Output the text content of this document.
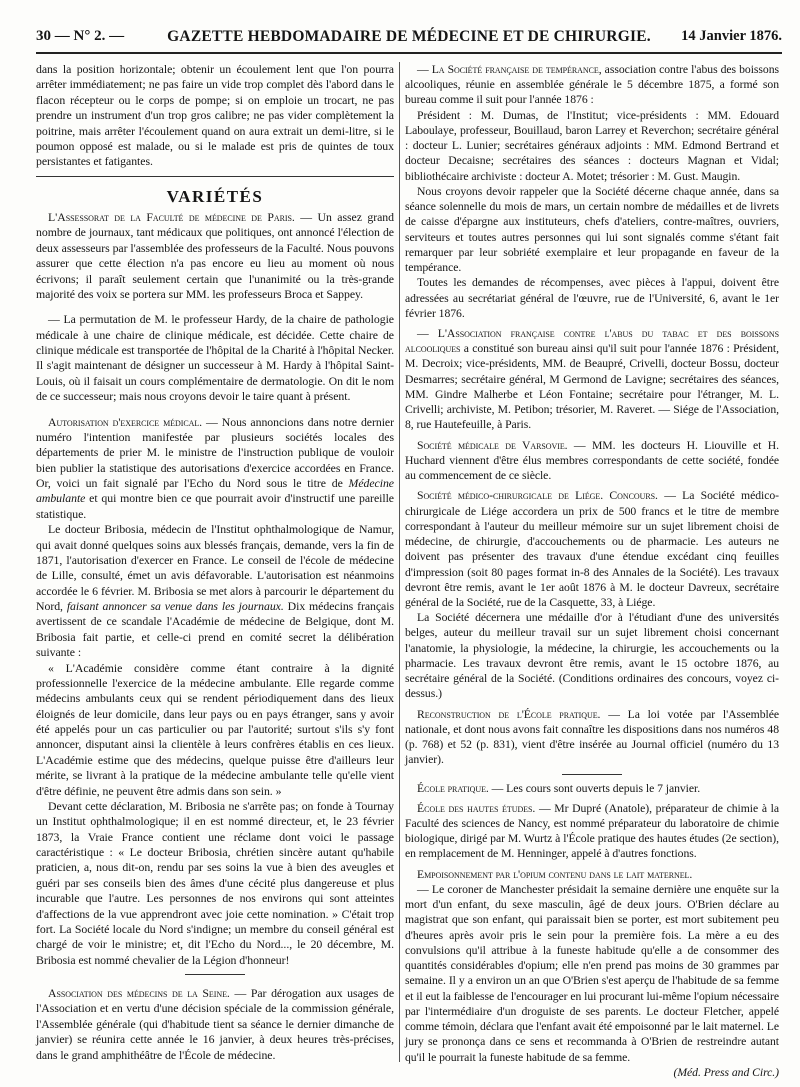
30 — N° 2. —	GAZETTE HEBDOMADAIRE DE MÉDECINE ET DE CHIRURGIE.	14 Janvier 1876.

dans la position horizontale; obtenir un écoulement lent que l'on pourra arrêter immédiatement; ne pas faire un vide trop complet dès l'abord dans le flacon récepteur ou le corps de pompe; si on emploie un trocart, ne pas prendre un instrument d'un trop gros calibre; ne pas vider complètement la poitrine, mais arrêter l'écoulement quand on aura extrait un demi-litre, si le poumon opposé est malade, ou si le malade est pris de quintes de toux persistantes et fatigantes.

VARIÉTÉS

L'Assessorat de la Faculté de médecine de Paris. — Un assez grand nombre de journaux, tant médicaux que politiques, ont annoncé l'élection de deux assesseurs par l'assemblée des professeurs de la Faculté. Nous pouvons assurer que cette élection n'a pas encore eu lieu au moment où nous écrivons; il paraît seulement certain que l'unanimité ou la très-grande majorité des voix se portera sur MM. les professeurs Broca et Sappey.

— La permutation de M. le professeur Hardy, de la chaire de pathologie médicale à une chaire de clinique médicale, est décidée. Cette chaire de clinique médicale est transportée de l'hôpital de la Charité à l'hôpital Necker. Il s'agit maintenant de désigner un successeur à M. Hardy à l'hôpital Saint-Louis, où il faisait un cours complémentaire de dermatologie. On dit le nom de ce successeur; mais nous croyons devoir le taire quant à présent.

Autorisation d'exercice médical. — Nous annoncions dans notre dernier numéro l'intention manifestée par plusieurs sociétés locales des départements de prier M. le ministre de l'instruction publique de vouloir bien publier la statistique des autorisations d'exercice accordées en France. Or, voici un fait signalé par l'Echo du Nord sous le titre de Médecine ambulante et qui montre bien ce que pourrait avoir d'instructif une pareille statistique.

Le docteur Bribosia, médecin de l'Institut ophthalmologique de Namur, qui avait donné quelques soins aux blessés français, demande, vers la fin de 1871, l'autorisation d'exercer en France. Le conseil de l'école de médecine de Lille, consulté, émet un avis défavorable. L'autorisation est néanmoins accordée le 6 février. M. Bribosia se met alors à parcourir le département du Nord, faisant annoncer sa venue dans les journaux. Dix médecins français avertissent de ce scandale l'Académie de médecine de Belgique, dont M. Bribosia fait partie, et celle-ci prend en comité secret la délibération suivante :

« L'Académie considère comme étant contraire à la dignité professionnelle l'exercice de la médecine ambulante. Elle regarde comme médecins ambulants ceux qui se rendent périodiquement dans des lieux éloignés de leur domicile, dans leur pays ou en pays étranger, sans y avoir été appelés pour un cas particulier ou par l'autorité; surtout s'ils s'y font annoncer, disputant ainsi la clientèle à leurs confrères établis en ces lieux. L'Académie estime que des médecins, quelque puisse être d'ailleurs leur mérite, se livrant à la pratique de la médecine ambulante telle qu'elle vient d'être définie, ne peuvent être admis dans son sein. »

Devant cette déclaration, M. Bribosia ne s'arrête pas; on fonde à Tournay un Institut ophthalmologique; il en est nommé directeur, et, le 23 février 1873, la Vraie France contient une réclame dont voici le passage caractéristique : « Le docteur Bribosia, chrétien sincère autant qu'habile praticien, a, nous dit-on, rendu par ses soins la vue à bien des aveugles et guéri par ses conseils bien des âmes d'une cécité plus dangereuse et plus incurable que l'autre. Les personnes de nos environs qui sont atteintes d'affections de la vue apprendront avec joie cette nomination. » C'était trop fort. La Société locale du Nord s'indigne; un membre du conseil général est chargé de voir le ministre; et, dit l'Echo du Nord..., le 20 décembre, M. Bribosia est nommé chevalier de la Légion d'honneur!

Association des médecins de la Seine. — Par dérogation aux usages de l'Association et en vertu d'une décision spéciale de la commission générale, l'Assemblée générale (qui d'habitude tient sa séance le dernier dimanche de janvier) se réunira cette année le 16 janvier, à deux heures très-précises, dans le grand amphithéâtre de l'École de médecine.

— La Société française de tempérance, association contre l'abus des boissons alcooliques, réunie en assemblée générale le 5 décembre 1875, a formé son bureau comme il suit pour l'année 1876 :

Président : M. Dumas, de l'Institut; vice-présidents : MM. Edouard Laboulaye, professeur, Bouillaud, baron Larrey et Reverchon; secrétaire général : docteur L. Lunier; secrétaires généraux adjoints : MM. Edmond Bertrand et docteur Decaisne; secrétaires des séances : docteurs Magnan et Vidal; bibliothécaire archiviste : docteur A. Motet; trésorier : M. Gust. Maugin.

Nous croyons devoir rappeler que la Société décerne chaque année, dans sa séance solennelle du mois de mars, un certain nombre de médailles et de livrets de caisse d'épargne aux instituteurs, chefs d'ateliers, contre-maîtres, ouvriers, serviteurs et toutes autres personnes qui lui sont signalés comme s'étant fait remarquer par leur sobriété exemplaire et leur propagande en faveur de la tempérance.

Toutes les demandes de récompenses, avec pièces à l'appui, doivent être adressées au secrétariat général de l'œuvre, rue de l'Université, 6, avant le 1er février 1876.

— L'Association française contre l'abus du tabac et des boissons alcooliques a constitué son bureau ainsi qu'il suit pour l'année 1876 : Président, M. Decroix; vice-présidents, MM. de Beaupré, Crivelli, docteur Bossu, docteur Desmarres; secrétaire général, M Germond de Lavigne; secrétaires des séances, MM. Gindre Malherbe et Léon Fontaine; secrétaire pour l'étranger, M. L. Crivelli; archiviste, M. Petibon; trésorier, M. Raveret. — Siége de l'Association, 8, rue Hautefeuille, à Paris.

Société médicale de Varsovie. — MM. les docteurs H. Liouville et H. Huchard viennent d'être élus membres correspondants de cette société, fondée au commencement de ce siècle.

Société médico-chirurgicale de Liége. Concours. — La Société médico-chirurgicale de Liége accordera un prix de 500 francs et le titre de membre correspondant à l'auteur du meilleur mémoire sur un sujet librement choisi de médecine, de chirurgie, d'accouchements ou de pharmacie. Les auteurs ne doivent pas présenter des travaux d'une étendue excédant cinq feuilles d'impression (soit 80 pages format in-8 des Annales de la Société). Les travaux devront être remis, avant le 1er août 1876 à M. le docteur Davreux, secrétaire général de la Société, rue de la Casquette, 33, à Liége.

La Société décernera une médaille d'or à l'étudiant d'une des universités belges, auteur du meilleur travail sur un sujet librement choisi concernant l'anatomie, la physiologie, la médecine, la chirurgie, les accouchements ou la pharmacie. Les travaux devront être remis, avant le 15 octobre 1876, au secrétaire général de la Société. (Conditions ordinaires des concours, voyez ci-dessus.)

Reconstruction de l'École pratique. — La loi votée par l'Assemblée nationale, et dont nous avons fait connaître les dispositions dans nos numéros 48 (p. 768) et 52 (p. 831), vient d'être insérée au Journal officiel (numéro du 13 janvier).

École pratique. — Les cours sont ouverts depuis le 7 janvier.

École des hautes études. — Mr Dupré (Anatole), préparateur de chimie à la Faculté des sciences de Nancy, est nommé préparateur du laboratoire de chimie biologique, dirigé par M. Wurtz à l'École pratique des hautes études (2e section), en remplacement de M. Henninger, appelé à d'autres fonctions.

Empoisonnement par l'opium contenu dans le lait maternel.

— Le coroner de Manchester présidait la semaine dernière une enquête sur la mort d'un enfant, du sexe masculin, âgé de deux jours. O'Brien déclare au magistrat que son enfant, qui paraissait bien se porter, est mort subitement peu d'heures après avoir pris le sein pour la première fois. La mère a eu des convulsions qu'il attribue à la funeste habitude qu'elle a de consommer des quantités considérables d'opium; elle n'en prend pas moins de 30 grammes par semaine. Il y a environ un an que O'Brien s'est aperçu de l'habitude de sa femme et il eut la faiblesse de l'encourager en lui procurant lui-même l'opium nécessaire par l'intermédiaire d'un droguiste de ses parents. Le docteur Fletcher, appelé comme témoin, déclara que l'enfant avait été empoisonné par le lait maternel. Le jury se prononça dans ce sens et recommanda à O'Brien de restreindre autant qu'il le pourrait la funeste habitude de sa femme.

(Méd. Press and Circ.)
